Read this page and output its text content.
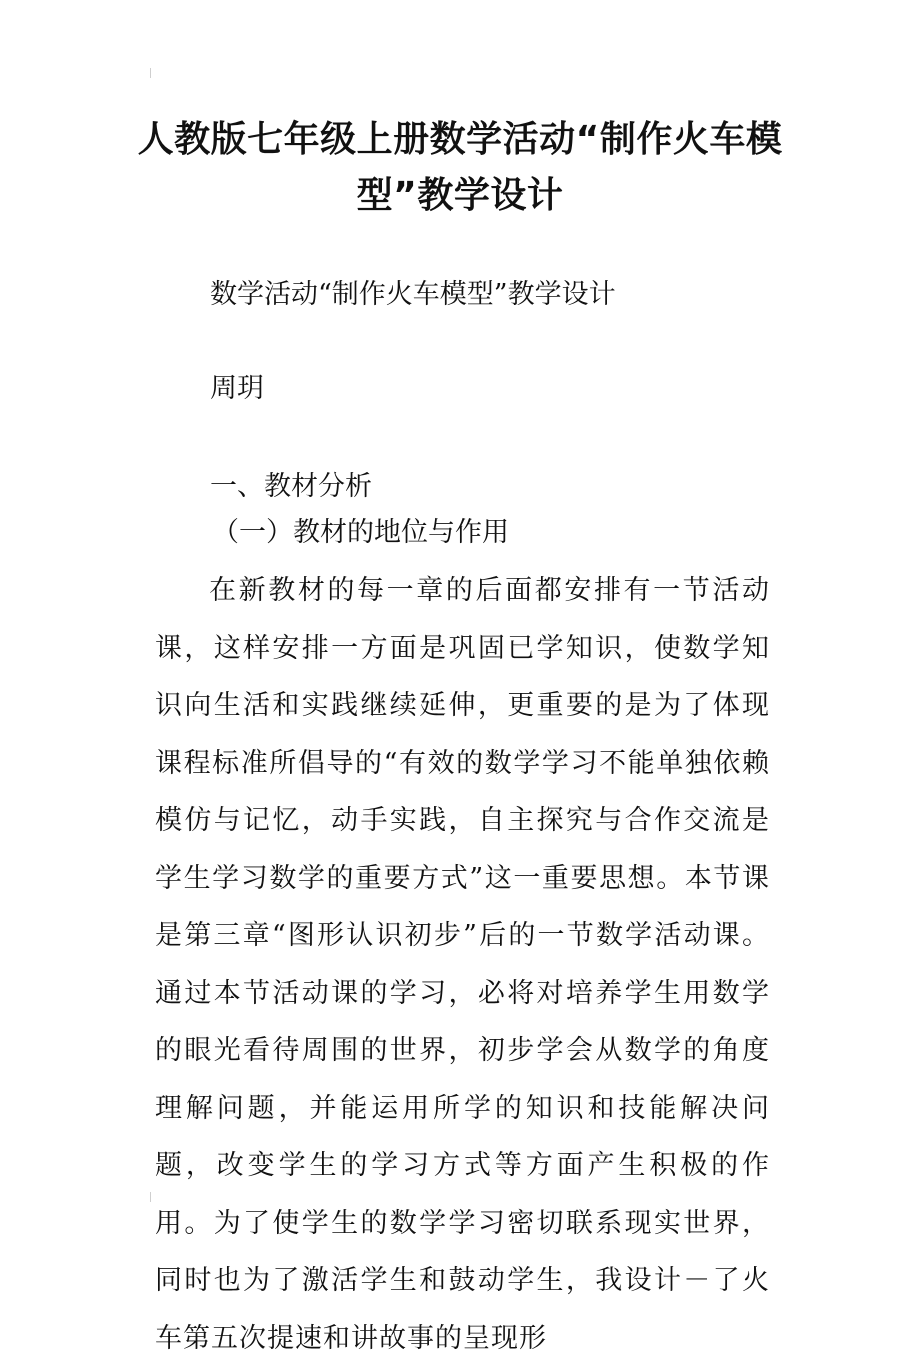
人教版七年级上册数学活动“制作火车模型”教学设计

数学活动“制作火车模型”教学设计

周玥

一、教材分析

（一）教材的地位与作用

在新教材的每一章的后面都安排有一节活动课，这样安排一方面是巩固已学知识，使数学知识向生活和实践继续延伸，更重要的是为了体现课程标准所倡导的“有效的数学学习不能单独依赖模仿与记忆，动手实践，自主探究与合作交流是学生学习数学的重要方式”这一重要思想。本节课是第三章“图形认识初步”后的一节数学活动课。通过本节活动课的学习，必将对培养学生用数学的眼光看待周围的世界，初步学会从数学的角度理解问题，并能运用所学的知识和技能解决问题，改变学生的学习方式等方面产生积极的作用。为了使学生的数学学习密切联系现实世界，同时也为了激活学生和鼓动学生，我设计－了火车第五次提速和讲故事的呈现形
